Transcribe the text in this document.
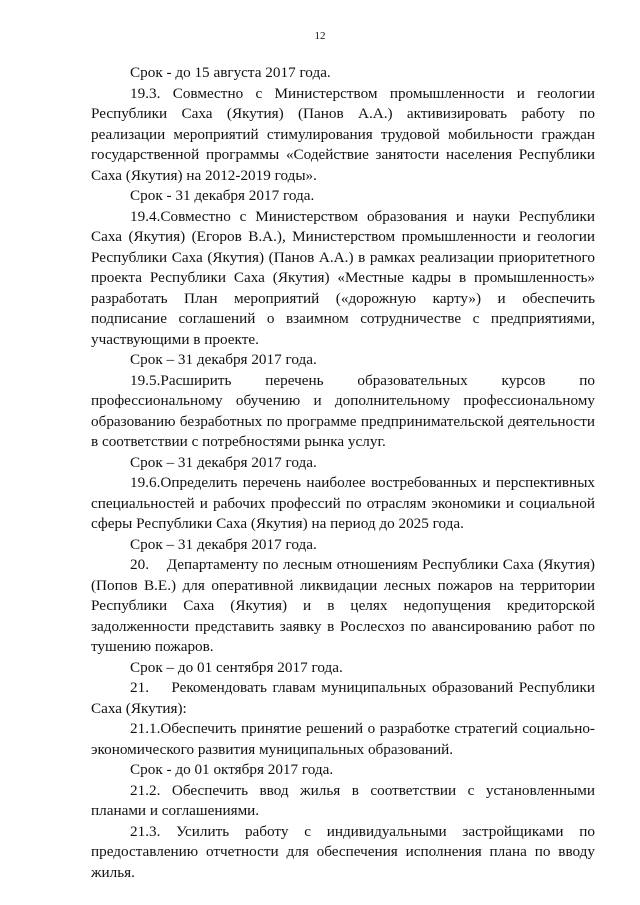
12

Срок - до 15 августа 2017 года.

19.3. Совместно с Министерством промышленности и геологии Республики Саха (Якутия) (Панов А.А.) активизировать работу по реализации мероприятий стимулирования трудовой мобильности граждан государственной программы «Содействие занятости населения Республики Саха (Якутия) на 2012-2019 годы».

Срок - 31 декабря 2017 года.

19.4.Совместно с Министерством образования и науки Республики Саха (Якутия) (Егоров В.А.), Министерством промышленности и геологии Республики Саха (Якутия) (Панов А.А.) в рамках реализации приоритетного проекта Республики Саха (Якутия) «Местные кадры в промышленность» разработать План мероприятий («дорожную карту») и обеспечить подписание соглашений о взаимном сотрудничестве с предприятиями, участвующими в проекте.

Срок – 31 декабря 2017 года.

19.5.Расширить перечень образовательных курсов по профессиональному обучению и дополнительному профессиональному образованию безработных по программе предпринимательской деятельности в соответствии с потребностями рынка услуг.

Срок – 31 декабря 2017 года.

19.6.Определить перечень наиболее востребованных и перспективных специальностей и рабочих профессий по отраслям экономики и социальной сферы Республики Саха (Якутия) на период до 2025 года.

Срок – 31 декабря 2017 года.

20.    Департаменту по лесным отношениям Республики Саха (Якутия) (Попов В.Е.) для оперативной ликвидации лесных пожаров на территории Республики Саха (Якутия) и в целях недопущения кредиторской задолженности представить заявку в Рослесхоз по авансированию работ по тушению пожаров.

Срок – до 01 сентября 2017 года.

21.    Рекомендовать главам муниципальных образований Республики Саха (Якутия):

21.1.Обеспечить принятие решений о разработке стратегий социально-экономического развития муниципальных образований.

Срок - до 01 октября 2017 года.

21.2. Обеспечить ввод жилья в соответствии с установленными планами и соглашениями.

21.3. Усилить работу с индивидуальными застройщиками по предоставлению отчетности для обеспечения исполнения плана по вводу жилья.
